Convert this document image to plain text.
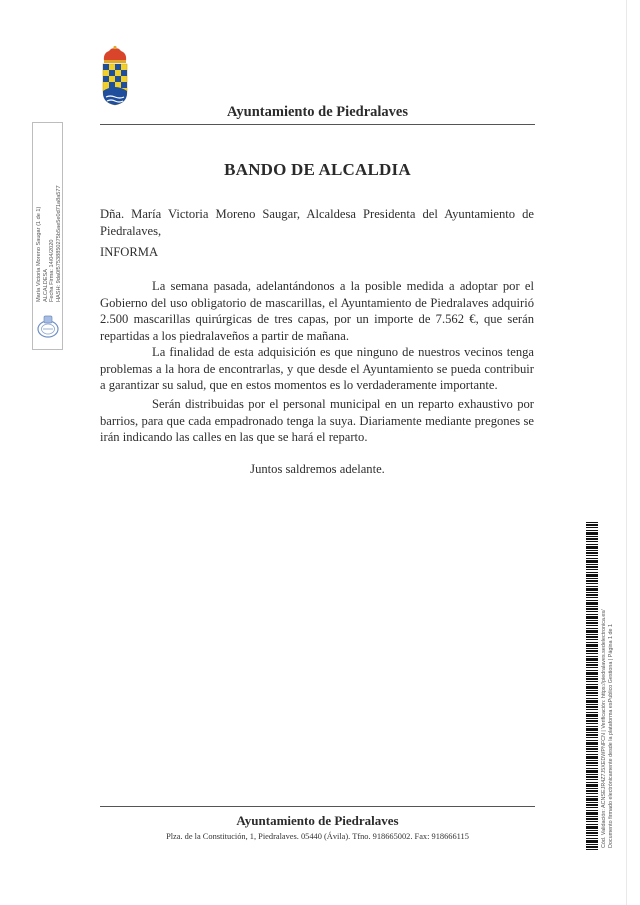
Ayuntamiento de Piedralaves
BANDO DE ALCALDIA
Dña. María Victoria Moreno Saugar, Alcaldesa Presidenta del Ayuntamiento de Piedralaves,
INFORMA
La semana pasada, adelantándonos a la posible medida a adoptar por el Gobierno del uso obligatorio de mascarillas, el Ayuntamiento de Piedralaves adquirió 2.500 mascarillas quirúrgicas de tres capas, por un importe de 7.562 €, que serán repartidas a los piedralaveños a partir de mañana.
La finalidad de esta adquisición es que ninguno de nuestros vecinos tenga problemas a la hora de encontrarlas, y que desde el Ayuntamiento se pueda contribuir a garantizar su salud, que en estos momentos es lo verdaderamente importante.
Serán distribuidas por el personal municipal en un reparto exhaustivo por barrios, para que cada empadronado tenga la suya. Diariamente mediante pregones se irán indicando las calles en las que se hará el reparto.
Juntos saldremos adelante.
Ayuntamiento de Piedralaves
Plza. de la Constitución, 1, Piedralaves. 05440 (Ávila). Tfno. 918665002. Fax: 918666115
María Victoria Moreno Saugar (1 de 1) ALCALDESA Fecha Firma: 14/04/2020 HASH: 9da0f57538850275b5ae5e0d71a8a577
Cód. Validación: ACNSEJR4Z7J5XEDWPNFCN | Verificación: https://piedralaves.sedelectronica.es/ Documento firmado electrónicamente desde la plataforma esPublico Gestiona | Página 1 de 1
